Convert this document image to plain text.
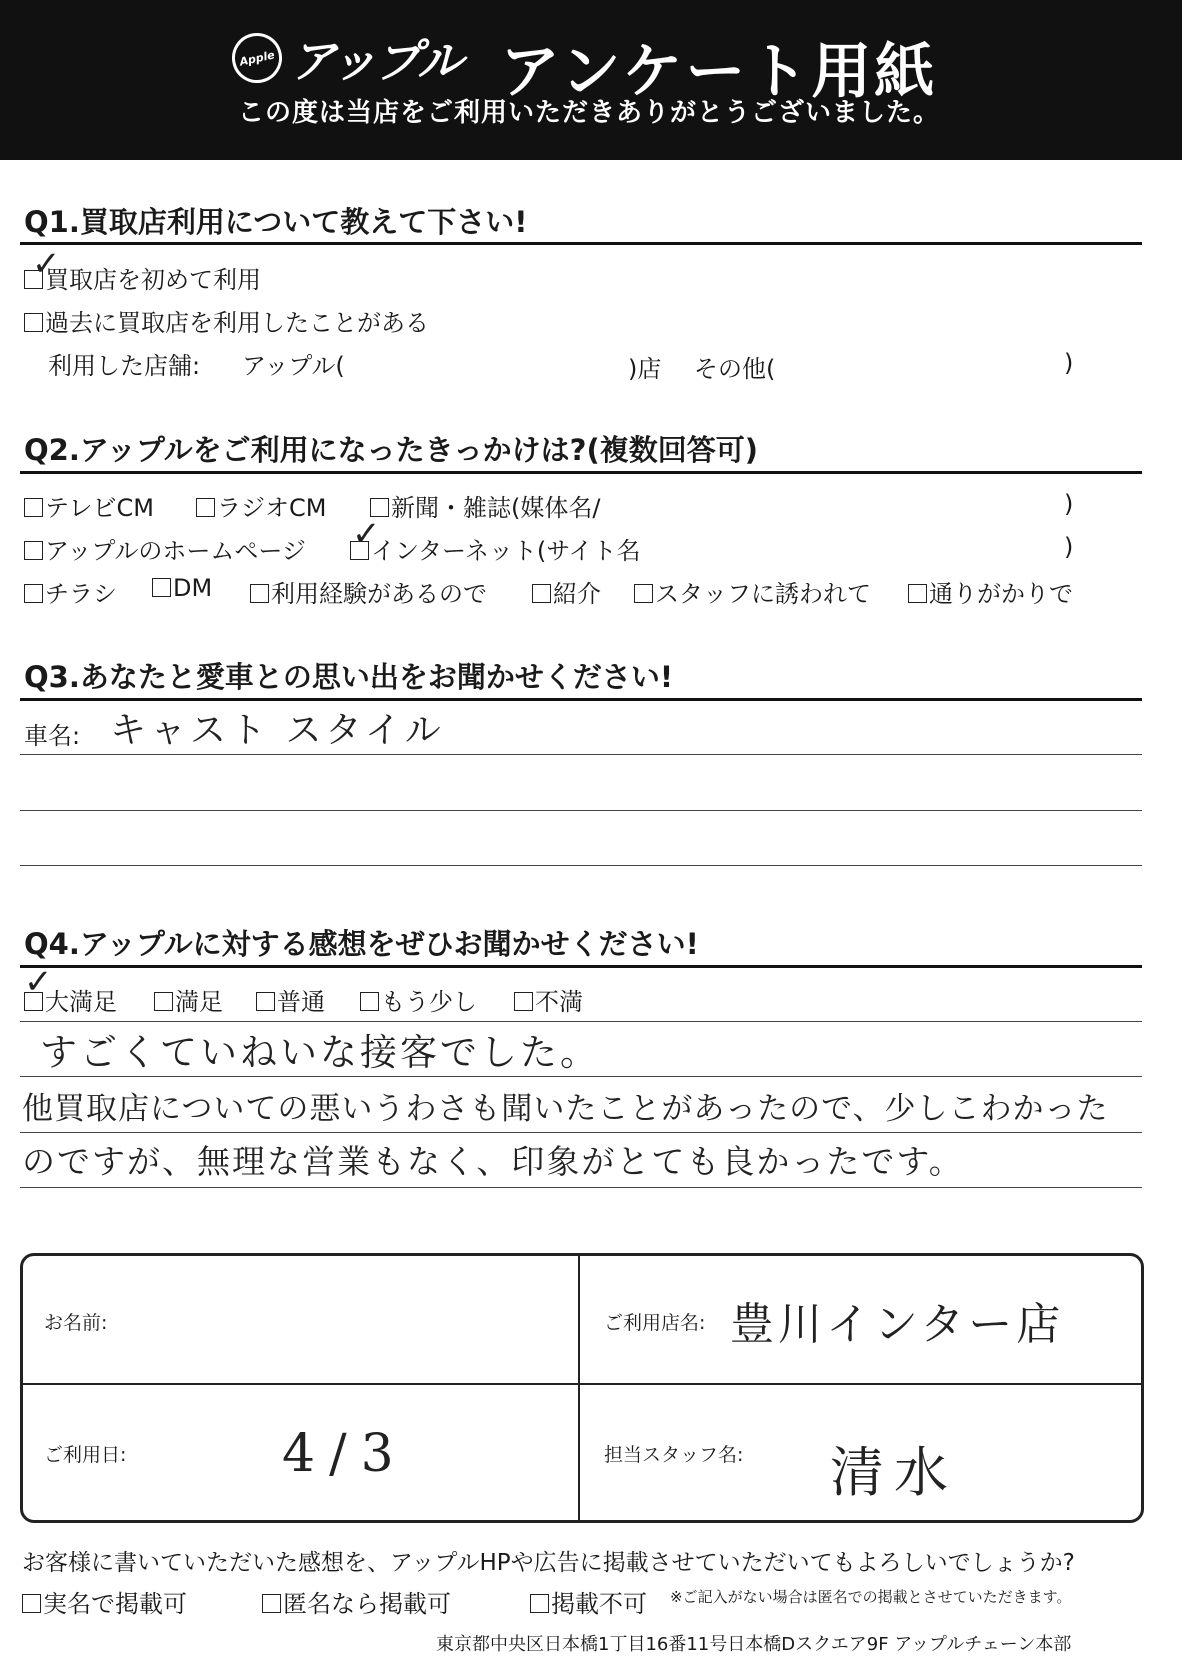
Apple アップル アンケート用紙
この度は当店をご利用いただきありがとうございました。
Q1.買取店利用について教えて下さい!
買取店を初めて利用
✓
過去に買取店を利用したことがある
利用した店舗: アップル(	)店 その他(	)
Q2.アップルをご利用になったきっかけは?(複数回答可)
テレビCM	ラジオCM	新聞・雑誌(媒体名/	)
アップルのホームページ	インターネット(サイト名
✓	)
チラシ	DM	利用経験があるので	紹介	スタッフに誘われて	通りがかりで
Q3.あなたと愛車との思い出をお聞かせください!
車名: キャスト スタイル
Q4.アップルに対する感想をぜひお聞かせください!
大満足
✓	満足	普通	もう少し	不満
すごくていねいな接客でした。
他買取店についての悪いうわさも聞いたことがあったので、少しこわかった
のですが、無理な営業もなく、印象がとても良かったです。
お名前:	ご利用店名: 豊川インター店
ご利用日:	4/3	担当スタッフ名: 清水
お客様に書いていただいた感想を、アップルHPや広告に掲載させていただいてもよろしいでしょうか?
実名で掲載可	匿名なら掲載可	掲載不可 ※ご記入がない場合は匿名での掲載とさせていただきます。
東京都中央区日本橋1丁目16番11号日本橋Dスクエア9F アップルチェーン本部
